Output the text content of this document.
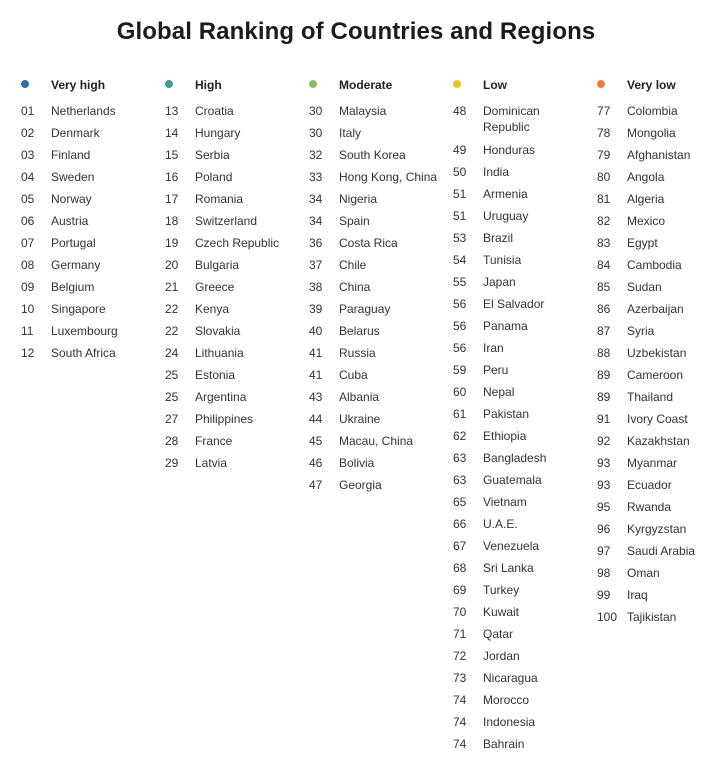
Global Ranking of Countries and Regions
Very high
01 Netherlands
02 Denmark
03 Finland
04 Sweden
05 Norway
06 Austria
07 Portugal
08 Germany
09 Belgium
10 Singapore
11 Luxembourg
12 South Africa
High
13 Croatia
14 Hungary
15 Serbia
16 Poland
17 Romania
18 Switzerland
19 Czech Republic
20 Bulgaria
21 Greece
22 Kenya
22 Slovakia
24 Lithuania
25 Estonia
25 Argentina
27 Philippines
28 France
29 Latvia
Moderate
30 Malaysia
30 Italy
32 South Korea
33 Hong Kong, China
34 Nigeria
34 Spain
36 Costa Rica
37 Chile
38 China
39 Paraguay
40 Belarus
41 Russia
41 Cuba
43 Albania
44 Ukraine
45 Macau, China
46 Bolivia
47 Georgia
Low
48 Dominican Republic
49 Honduras
50 India
51 Armenia
51 Uruguay
53 Brazil
54 Tunisia
55 Japan
56 El Salvador
56 Panama
56 Iran
59 Peru
60 Nepal
61 Pakistan
62 Ethiopia
63 Bangladesh
63 Guatemala
65 Vietnam
66 U.A.E.
67 Venezuela
68 Sri Lanka
69 Turkey
70 Kuwait
71 Qatar
72 Jordan
73 Nicaragua
74 Morocco
74 Indonesia
74 Bahrain
Very low
77 Colombia
78 Mongolia
79 Afghanistan
80 Angola
81 Algeria
82 Mexico
83 Egypt
84 Cambodia
85 Sudan
86 Azerbaijan
87 Syria
88 Uzbekistan
89 Cameroon
89 Thailand
91 Ivory Coast
92 Kazakhstan
93 Myanmar
93 Ecuador
95 Rwanda
96 Kyrgyzstan
97 Saudi Arabia
98 Oman
99 Iraq
100 Tajikistan
